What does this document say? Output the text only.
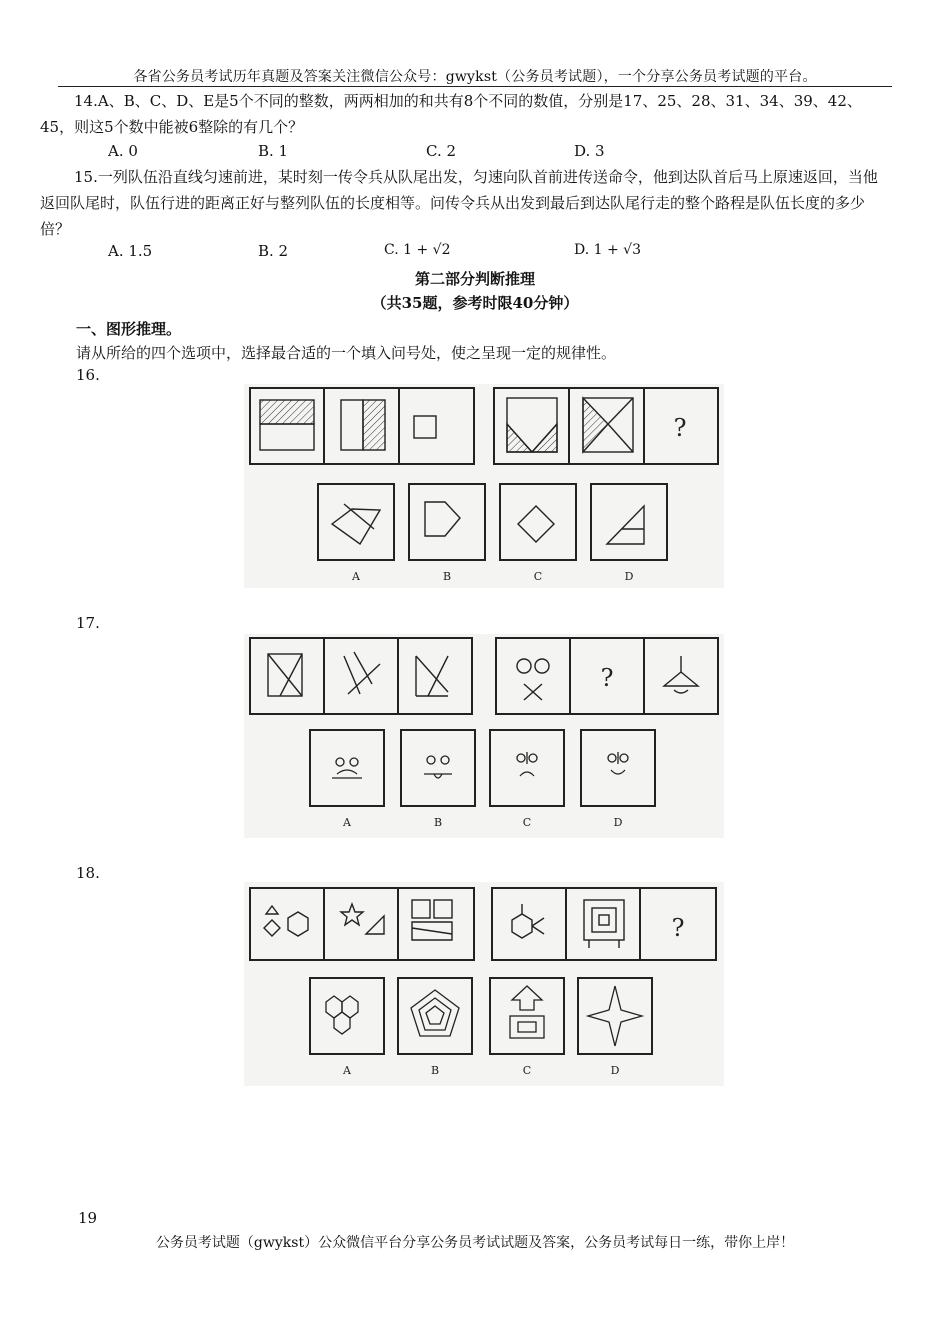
各省公务员考试历年真题及答案关注微信公众号：gwykst（公务员考试题），一个分享公务员考试题的平台。
14.A、B、C、D、E是5个不同的整数，两两相加的和共有8个不同的数值，分别是17、25、28、31、34、39、42、45，则这5个数中能被6整除的有几个？
A. 0	B. 1	C. 2	D. 3
15.一列队伍沿直线匀速前进，某时刻一传令兵从队尾出发，匀速向队首前进传送命令，他到达队首后马上原速返回，当他返回队尾时，队伍行进的距离正好与整列队伍的长度相等。问传令兵从出发到最后到达队尾行走的整个路程是队伍长度的多少倍？
A. 1.5	B. 2	C. 1 + √2	D. 1 + √3
第二部分判断推理
（共35题，参考时限40分钟）
一、图形推理。
请从所给的四个选项中，选择最合适的一个填入问号处，使之呈现一定的规律性。
16.
?
A	B	C	D
17.
?
A	B	C	D
18.
?
A	B	C	D
19
公务员考试题（gwykst）公众微信平台分享公务员考试试题及答案，公务员考试每日一练，带你上岸！
